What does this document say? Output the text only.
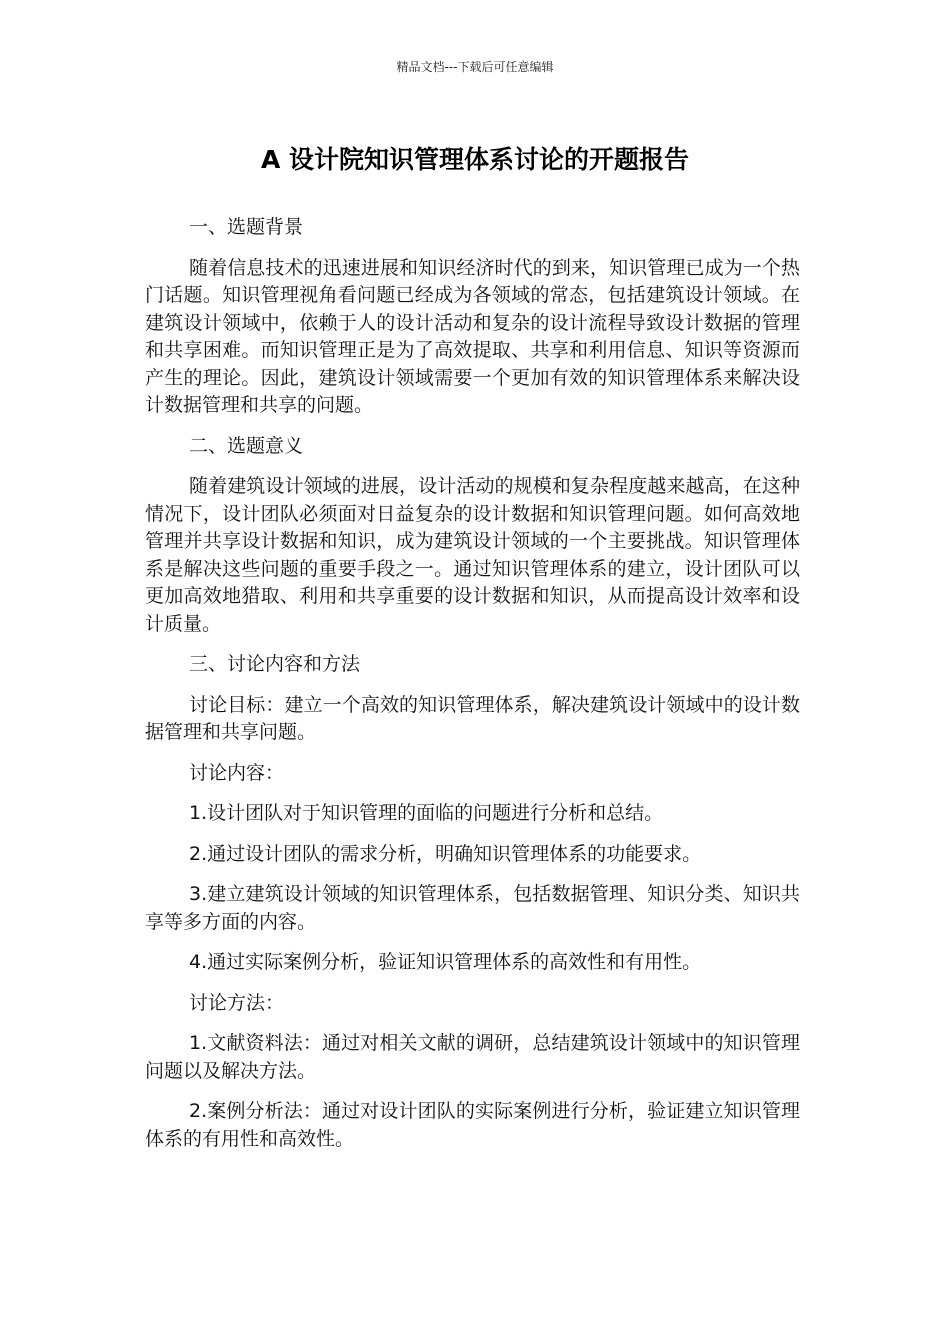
精品文档---下载后可任意编辑
A 设计院知识管理体系讨论的开题报告

一、选题背景

随着信息技术的迅速进展和知识经济时代的到来，知识管理已成为一个热门话题。知识管理视角看问题已经成为各领域的常态，包括建筑设计领域。在建筑设计领域中，依赖于人的设计活动和复杂的设计流程导致设计数据的管理和共享困难。而知识管理正是为了高效提取、共享和利用信息、知识等资源而产生的理论。因此，建筑设计领域需要一个更加有效的知识管理体系来解决设计数据管理和共享的问题。

二、选题意义

随着建筑设计领域的进展，设计活动的规模和复杂程度越来越高，在这种情况下，设计团队必须面对日益复杂的设计数据和知识管理问题。如何高效地管理并共享设计数据和知识，成为建筑设计领域的一个主要挑战。知识管理体系是解决这些问题的重要手段之一。通过知识管理体系的建立，设计团队可以更加高效地猎取、利用和共享重要的设计数据和知识，从而提高设计效率和设计质量。

三、讨论内容和方法

讨论目标：建立一个高效的知识管理体系，解决建筑设计领域中的设计数据管理和共享问题。

讨论内容：

1.设计团队对于知识管理的面临的问题进行分析和总结。

2.通过设计团队的需求分析，明确知识管理体系的功能要求。

3.建立建筑设计领域的知识管理体系，包括数据管理、知识分类、知识共享等多方面的内容。

4.通过实际案例分析，验证知识管理体系的高效性和有用性。

讨论方法：

1.文献资料法：通过对相关文献的调研，总结建筑设计领域中的知识管理问题以及解决方法。

2.案例分析法：通过对设计团队的实际案例进行分析，验证建立知识管理体系的有用性和高效性。
